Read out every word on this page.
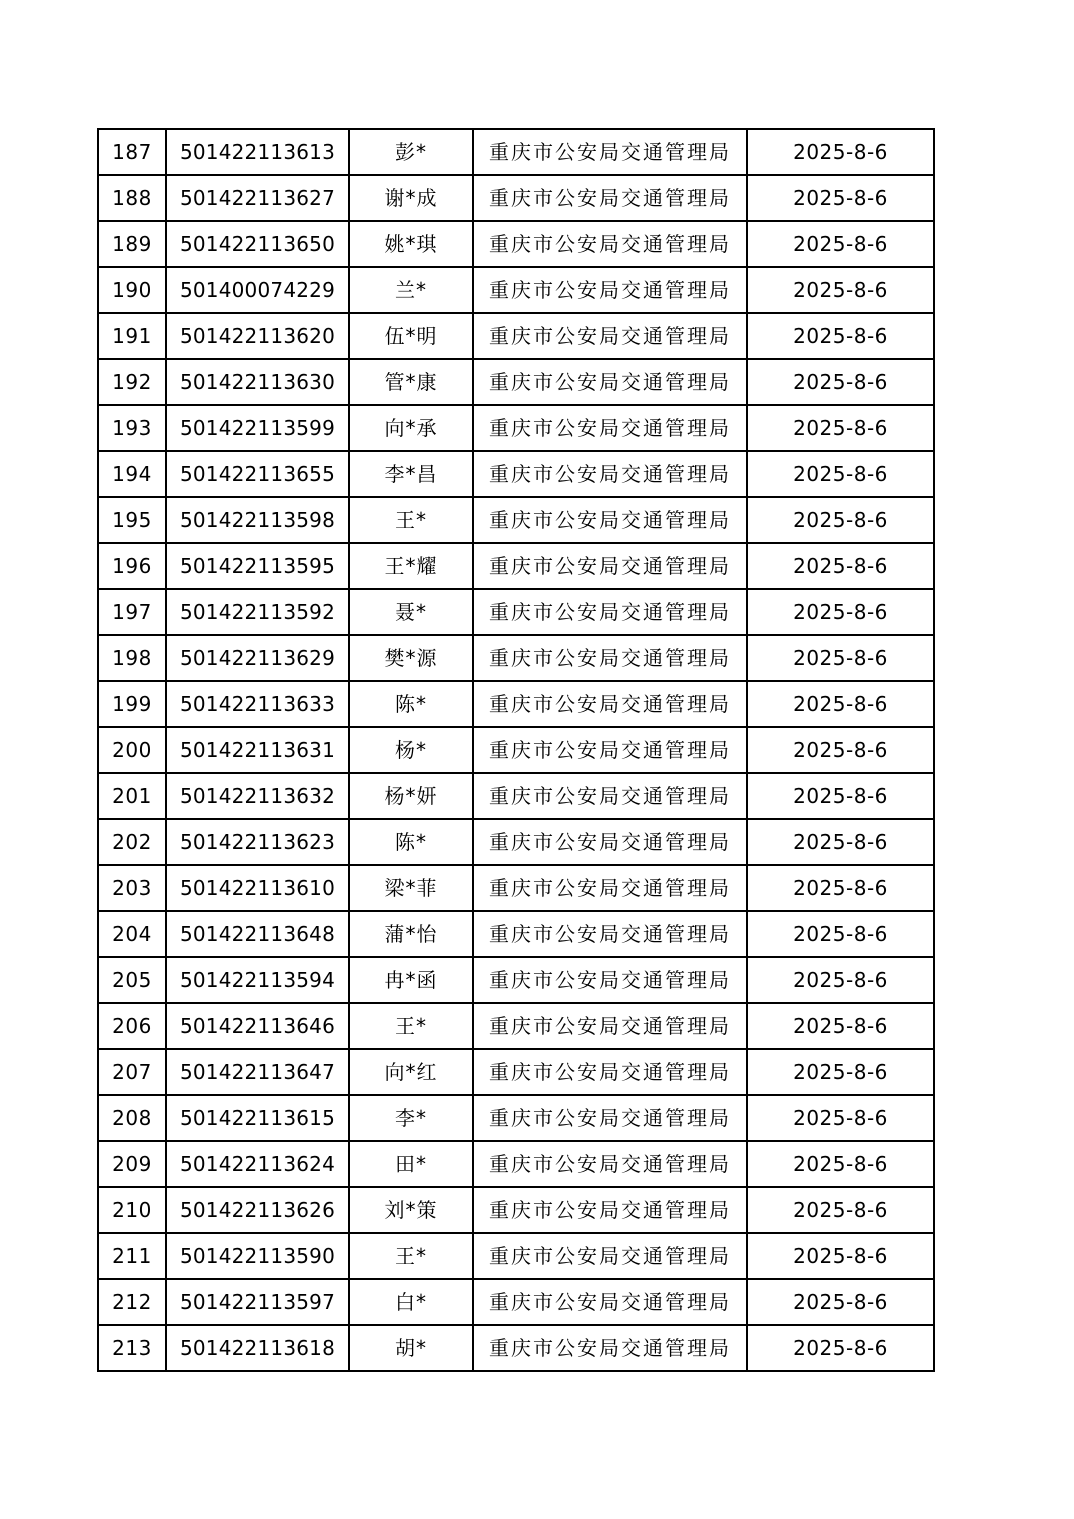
187	501422113613	彭*	重庆市公安局交通管理局	2025-8-6
188	501422113627	谢*成	重庆市公安局交通管理局	2025-8-6
189	501422113650	姚*琪	重庆市公安局交通管理局	2025-8-6
190	501400074229	兰*	重庆市公安局交通管理局	2025-8-6
191	501422113620	伍*明	重庆市公安局交通管理局	2025-8-6
192	501422113630	管*康	重庆市公安局交通管理局	2025-8-6
193	501422113599	向*承	重庆市公安局交通管理局	2025-8-6
194	501422113655	李*昌	重庆市公安局交通管理局	2025-8-6
195	501422113598	王*	重庆市公安局交通管理局	2025-8-6
196	501422113595	王*耀	重庆市公安局交通管理局	2025-8-6
197	501422113592	聂*	重庆市公安局交通管理局	2025-8-6
198	501422113629	樊*源	重庆市公安局交通管理局	2025-8-6
199	501422113633	陈*	重庆市公安局交通管理局	2025-8-6
200	501422113631	杨*	重庆市公安局交通管理局	2025-8-6
201	501422113632	杨*妍	重庆市公安局交通管理局	2025-8-6
202	501422113623	陈*	重庆市公安局交通管理局	2025-8-6
203	501422113610	梁*菲	重庆市公安局交通管理局	2025-8-6
204	501422113648	蒲*怡	重庆市公安局交通管理局	2025-8-6
205	501422113594	冉*函	重庆市公安局交通管理局	2025-8-6
206	501422113646	王*	重庆市公安局交通管理局	2025-8-6
207	501422113647	向*红	重庆市公安局交通管理局	2025-8-6
208	501422113615	李*	重庆市公安局交通管理局	2025-8-6
209	501422113624	田*	重庆市公安局交通管理局	2025-8-6
210	501422113626	刘*策	重庆市公安局交通管理局	2025-8-6
211	501422113590	王*	重庆市公安局交通管理局	2025-8-6
212	501422113597	白*	重庆市公安局交通管理局	2025-8-6
213	501422113618	胡*	重庆市公安局交通管理局	2025-8-6
